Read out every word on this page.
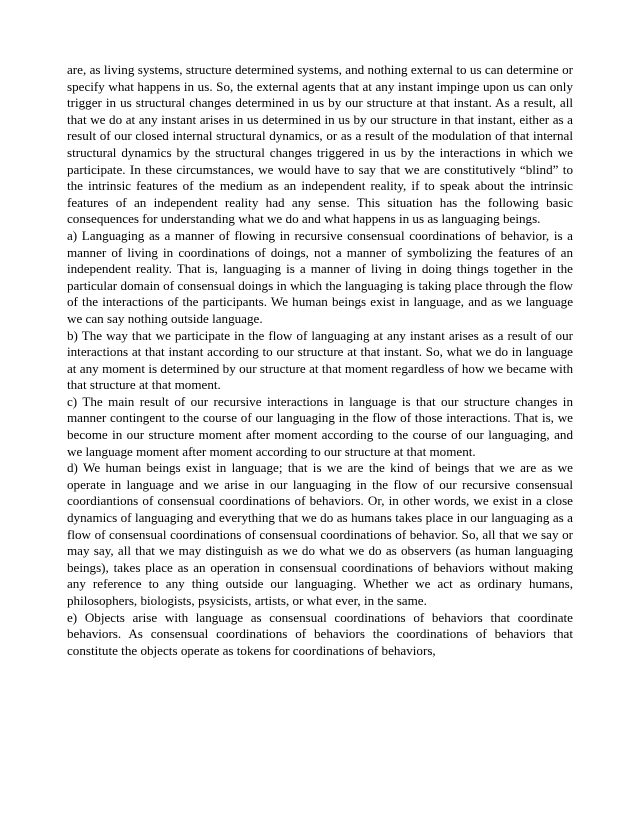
are, as living systems, structure determined systems, and nothing external to us can determine or specify what happens in us. So, the external agents that at any instant impinge upon us can only trigger in us structural changes determined in us by our structure at that instant. As a result, all that we do at any instant arises in us determined in us by our structure in that instant, either as a result of our closed internal structural dynamics, or as a result of the modulation of that internal structural dynamics by the structural changes triggered in us by the interactions in which we participate. In these circumstances, we would have to say that we are constitutively “blind” to the intrinsic features of the medium as an independent reality, if to speak about the intrinsic features of an independent reality had any sense. This situation has the following basic consequences for understanding what we do and what happens in us as languaging beings.

a) Languaging as a manner of flowing in recursive consensual coordinations of behavior, is a manner of living in coordinations of doings, not a manner of symbolizing the features of an independent reality. That is, languaging is a manner of living in doing things together in the particular domain of consensual doings in which the languaging is taking place through the flow of the interactions of the participants. We human beings exist in language, and as we language we can say nothing outside language.

b) The way that we participate in the flow of languaging at any instant arises as a result of our interactions at that instant according to our structure at that instant. So, what we do in language at any moment is determined by our structure at that moment regardless of how we became with that structure at that moment.

c) The main result of our recursive interactions in language is that our structure changes in manner contingent to the course of our languaging in the flow of those interactions. That is, we become in our structure moment after moment according to the course of our languaging, and we language moment after moment according to our structure at that moment.

d) We human beings exist in language; that is we are the kind of beings that we are as we operate in language and we arise in our languaging in the flow of our recursive consensual coordiantions of consensual coordinations of behaviors. Or, in other words, we exist in a close dynamics of languaging and everything that we do as humans takes place in our languaging as a flow of consensual coordinations of consensual coordinations of behavior. So, all that we say or may say, all that we may distinguish as we do what we do as observers (as human languaging beings), takes place as an operation in consensual coordinations of behaviors without making any reference to any thing outside our languaging. Whether we act as ordinary humans, philosophers, biologists, psysicists, artists, or what ever, in the same.

e) Objects arise with language as consensual coordinations of behaviors that coordinate behaviors. As consensual coordinations of behaviors the coordinations of behaviors that constitute the objects operate as tokens for coordinations of behaviors,
